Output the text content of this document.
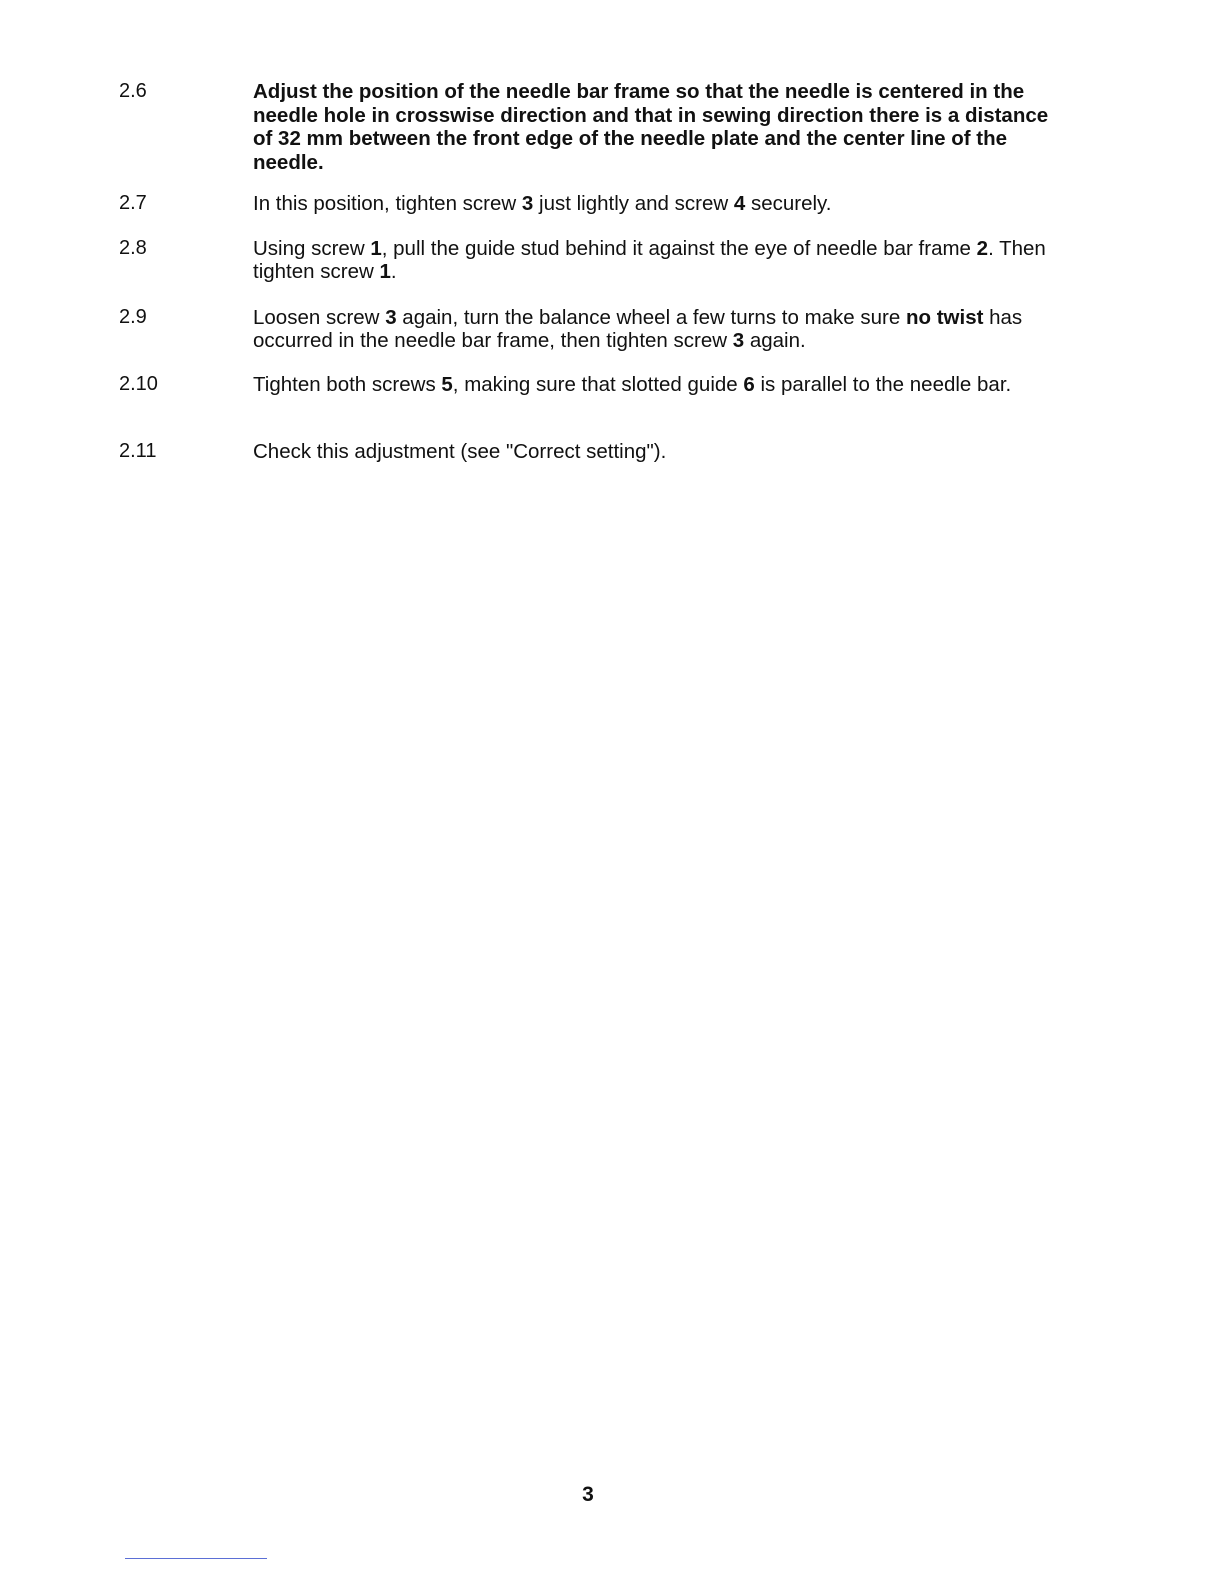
2.6	Adjust the position of the needle bar frame so that the needle is centered in the needle hole in crosswise direction and that in sewing direction there is a distance of 32 mm between the front edge of the needle plate and the center line of the needle.
2.7	In this position, tighten screw 3 just lightly and screw 4 securely.
2.8	Using screw 1, pull the guide stud behind it against the eye of needle bar frame 2. Then tighten screw 1.
2.9	Loosen screw 3 again, turn the balance wheel a few turns to make sure no twist has occurred in the needle bar frame, then tighten screw 3 again.
2.10	Tighten both screws 5, making sure that slotted guide 6 is parallel to the needle bar.
2.11	Check this adjustment (see "Correct setting").
3
